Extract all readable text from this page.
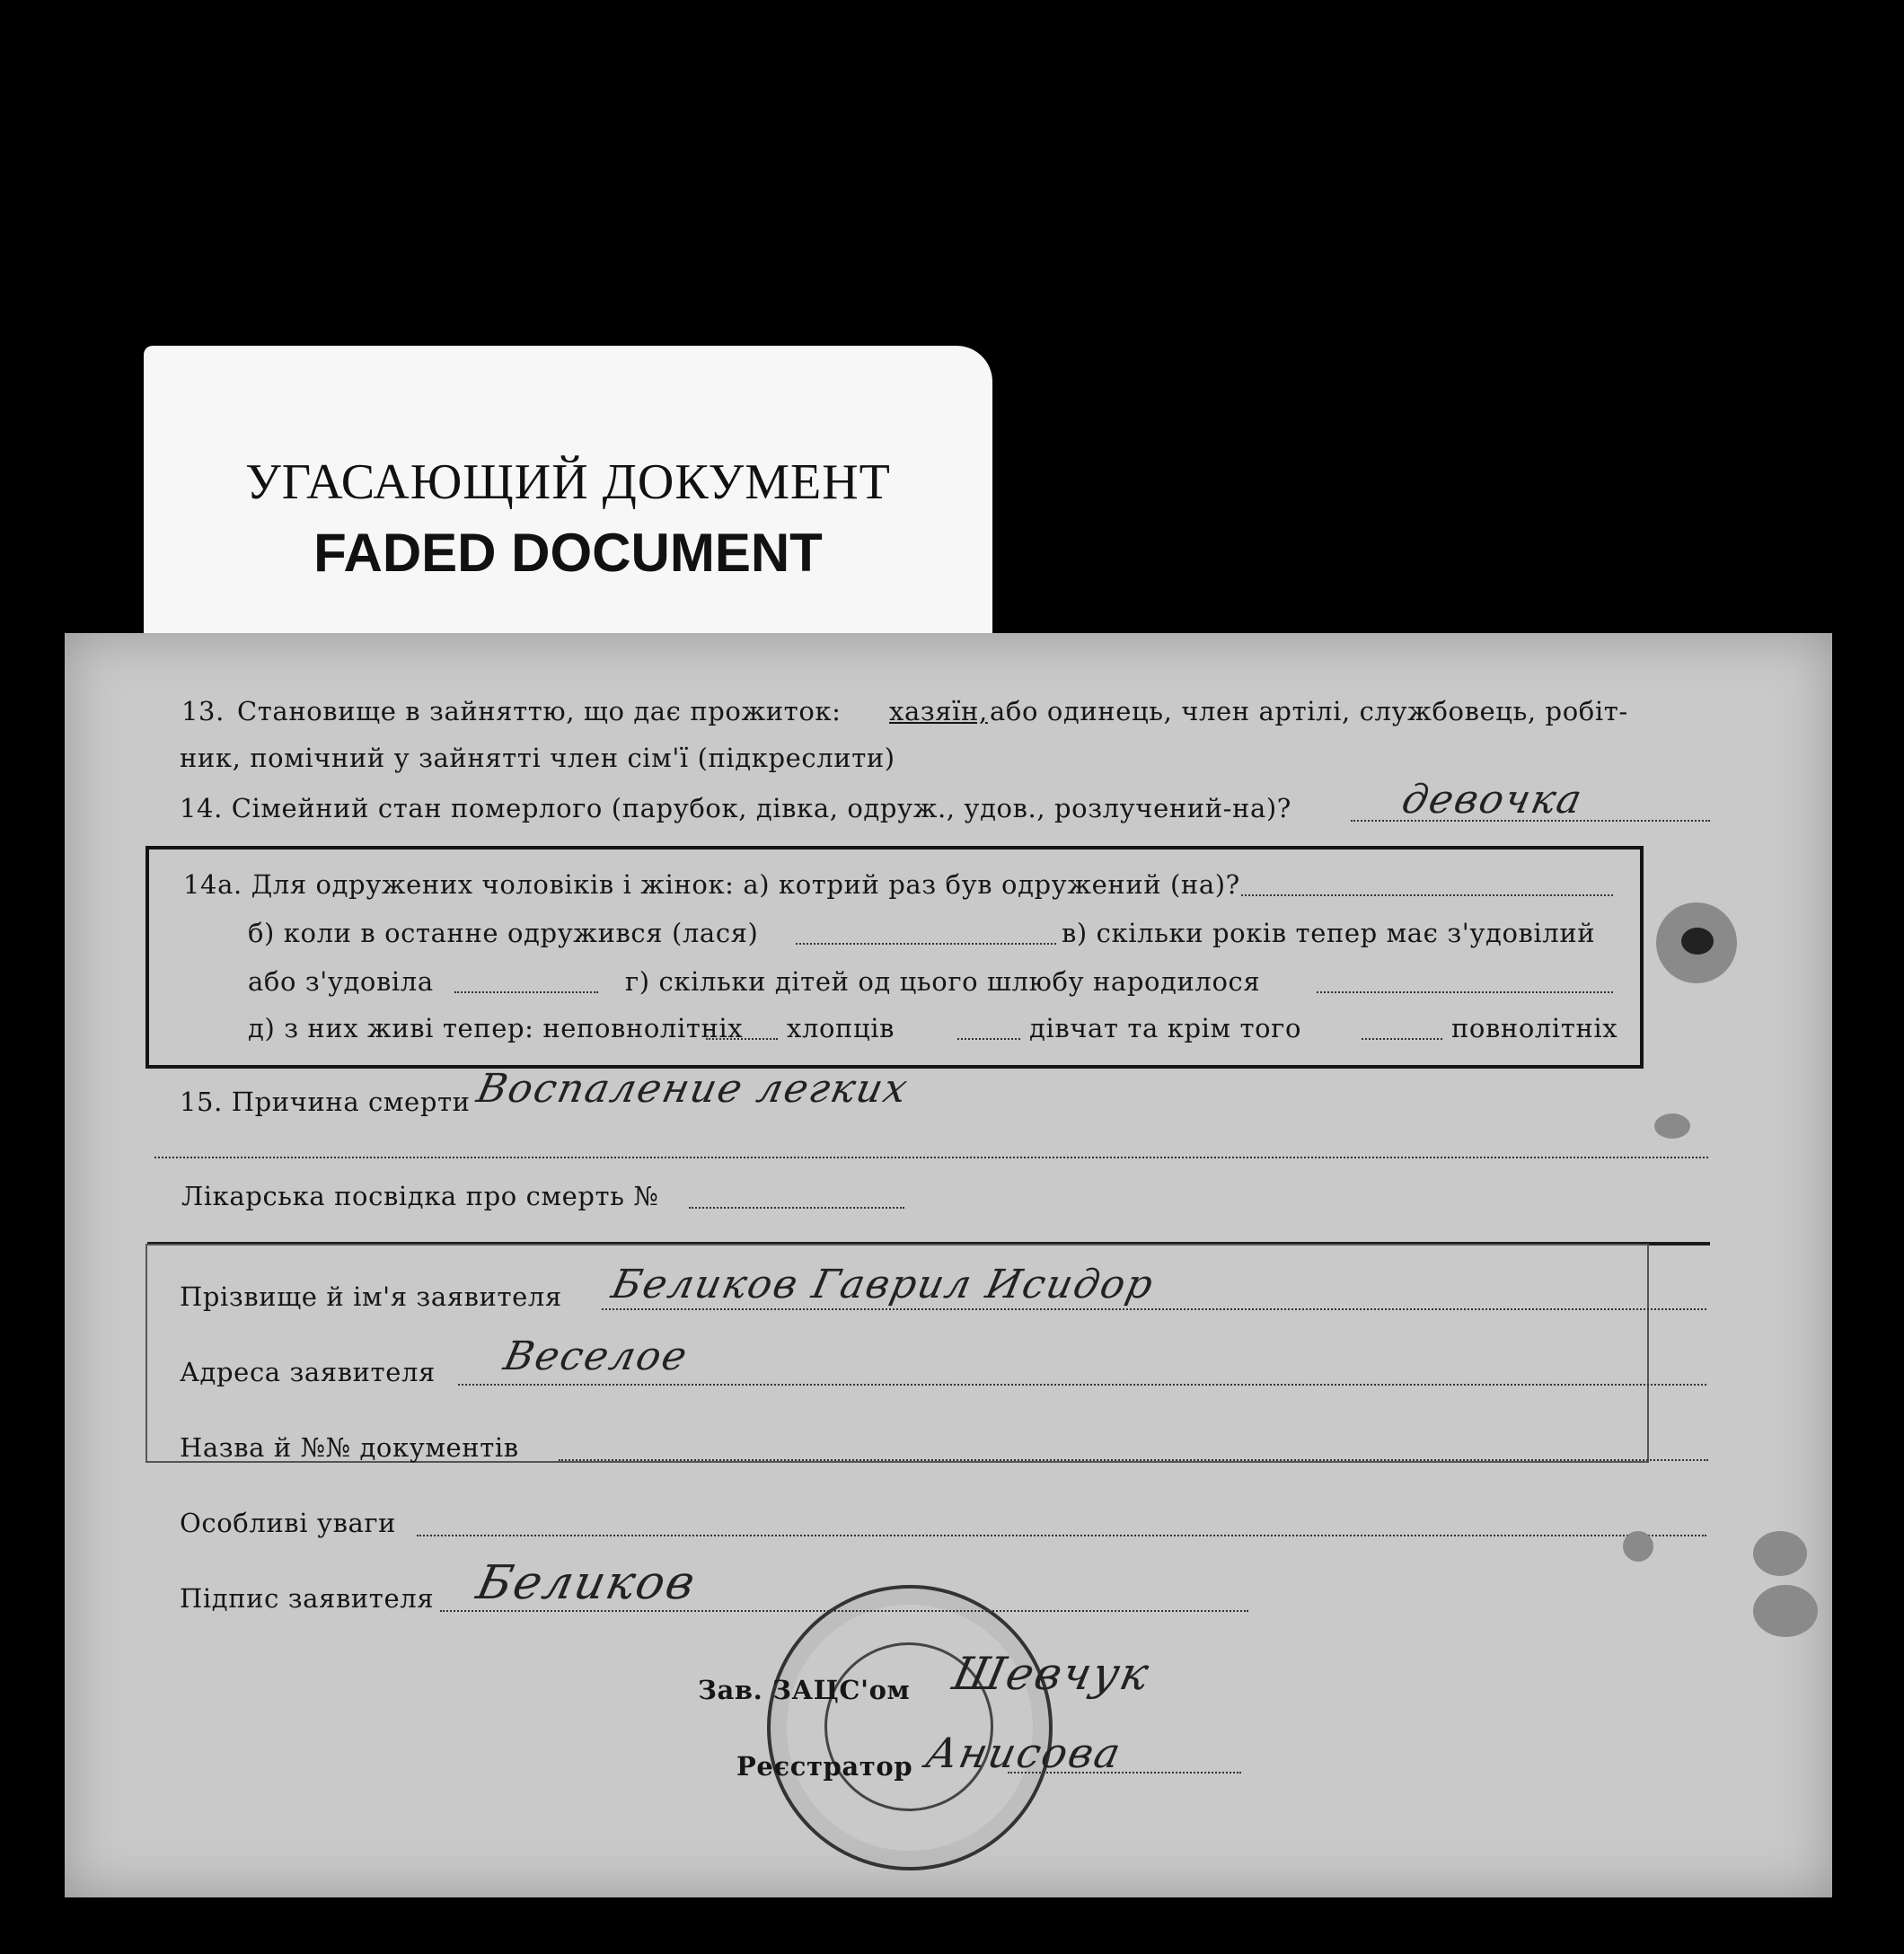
УГАСАЮЩИЙ ДОКУМЕНТ
FADED DOCUMENT
13. Становище в зайняттю, що дає прожиток: хазяїн, або одинець, член артілі, службовець, робіт-
ник, помічний у зайнятті член сім'ї (підкреслити)
14. Сімейний стан померлого (парубок, дівка, одруж., удов., розлучений-на)?	девочка
14а. Для одружених чоловіків і жінок: а) котрий раз був одружений (на)?
б) коли в останне одружився (лася)	в) скільки років тепер має з'удовілий
або з'удовіла	г) скільки дітей од цього шлюбу народилося
д) з них живі тепер: неповнолітніх хлопців	дівчат та крім того	повнолітніх
15. Причина смерти Воспаление легких
Лікарська посвідка про смерть №
Прізвище й ім'я заявителя Беликов Гаврил Исидор
Адреса заявителя Веселое
Назва й №№ документів
Особливі уваги
Підпис заявителя Беликов
Зав. ЗАЦС'ом Шевчук
Реєстратор Анисова
